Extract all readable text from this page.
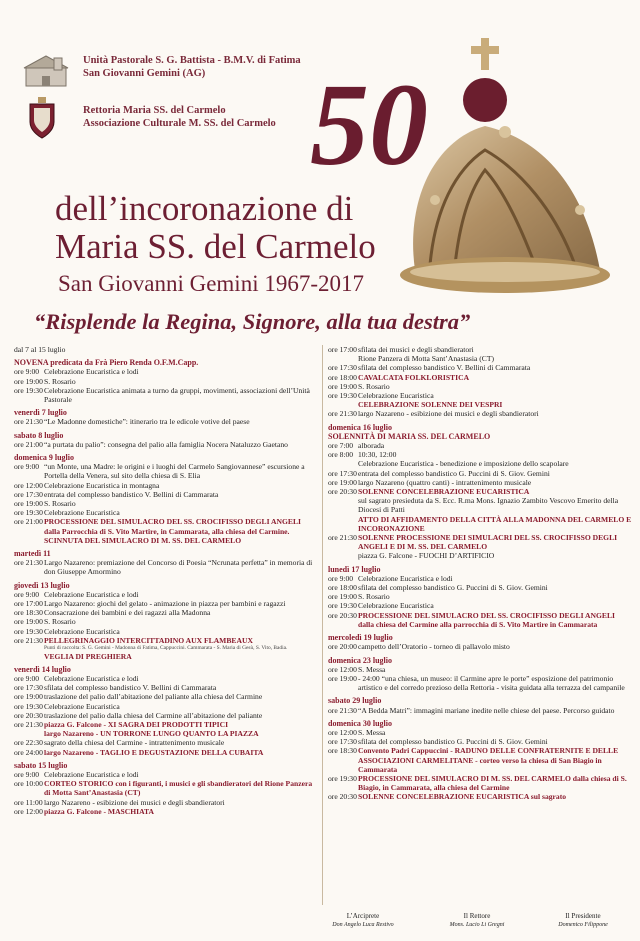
Unità Pastorale S. G. Battista - B.M.V. di Fatima
San Giovanni Gemini (AG)
Rettoria Maria SS. del Carmelo
Associazione Culturale M. SS. del Carmelo 50
dell’incoronazione di
Maria SS. del Carmelo
San Giovanni Gemini 1967-2017
“Risplende la Regina, Signore, alla tua destra”
dal 7 al 15 luglio
NOVENA predicata da Frà Piero Renda O.F.M.Capp.
ore 9:00 Celebrazione Eucaristica e lodi
ore 19:00 S. Rosario
ore 19:30 Celebrazione Eucaristica animata a turno da gruppi, movimenti, associazioni dell’Unità Pastorale
venerdì 7 luglio
ore 21:30 “Le Madonne domestiche”: itinerario tra le edicole votive del paese
sabato 8 luglio
ore 21:00 “a purtata du palio”: consegna del palio alla famiglia Nocera Nataluzzo Gaetano
domenica 9 luglio
ore 9:00 “un Monte, una Madre: le origini e i luoghi del Carmelo Sangiovannese” escursione a Portella della Venera, sul sito della chiesa di S. Elia
ore 12:00 Celebrazione Eucaristica in montagna
ore 17:30 entrata del complesso bandistico V. Bellini di Cammarata
ore 19:00 S. Rosario
ore 19:30 Celebrazione Eucaristica
ore 21:00 PROCESSIONE DEL SIMULACRO DEL SS. CROCIFISSO DEGLI ANGELI dalla Parrocchia di S. Vito Martire, in Cammarata, alla chiesa del Carmine.
SCINNUTA DEL SIMULACRO DI M. SS. DEL CARMELO
martedì 11
ore 21:30 Largo Nazareno: premiazione del Concorso di Poesia “Ncrunata perfetta” in memoria di don Giuseppe Amormino
giovedì 13 luglio
ore 9:00 Celebrazione Eucaristica e lodi
ore 17:00 Largo Nazareno: giochi del gelato - animazione in piazza per bambini e ragazzi
ore 18:30 Consacrazione dei bambini e dei ragazzi alla Madonna
ore 19:00 S. Rosario
ore 19:30 Celebrazione Eucaristica
ore 21:30 PELLEGRINAGGIO INTERCITTADINO AUX FLAMBEAUX
Punti di raccolta: S. G. Gemini - Madonna di Fatima, Cappuccini. Cammarata - S. Maria di Gesù, S. Vito, Badia.
VEGLIA DI PREGHIERA
venerdì 14 luglio
ore 9:00 Celebrazione Eucaristica e lodi
ore 17:30 sfilata del complesso bandistico V. Bellini di Cammarata
ore 19:00 traslazione del palio dall’abitazione del paliante alla chiesa del Carmine
ore 19:30 Celebrazione Eucaristica
ore 20:30 traslazione del palio dalla chiesa del Carmine all’abitazione del paliante
ore 21:30 piazza G. Falcone - XI SAGRA DEI PRODOTTI TIPICI
largo Nazareno - UN TORRONE LUNGO QUANTO LA PIAZZA
ore 22:30 sagrato della chiesa del Carmine - intrattenimento musicale
ore 24:00 largo Nazareno - TAGLIO E DEGUSTAZIONE DELLA CUBAITA
sabato 15 luglio
ore 9:00 Celebrazione Eucaristica e lodi
ore 10:00 CORTEO STORICO con i figuranti, i musici e gli sbandieratori del Rione Panzera di Motta Sant’Anastasia (CT)
ore 11:00 largo Nazareno - esibizione dei musici e degli sbandieratori
ore 12:00 piazza G. Falcone - MASCHIATA
ore 17:00 sfilata dei musici e degli sbandieratori
Rione Panzera di Motta Sant’Anastasia (CT)
ore 17:30 sfilata del complesso bandistico V. Bellini di Cammarata
ore 18:00 CAVALCATA FOLKLORISTICA
ore 19:00 S. Rosario
ore 19:30 Celebrazione Eucaristica
CELEBRAZIONE SOLENNE DEI VESPRI
ore 21:30 largo Nazareno - esibizione dei musici e degli sbandieratori
domenica 16 luglio
SOLENNITÀ DI MARIA SS. DEL CARMELO
ore 7:00 alborada
ore 8:00 10:30, 12:00
Celebrazione Eucaristica - benedizione e imposizione dello scapolare
ore 17:30 entrata del complesso bandistico G. Puccini di S. Giov. Gemini
ore 19:00 largo Nazareno (quattro canti) - intrattenimento musicale
ore 20:30 SOLENNE CONCELEBRAZIONE EUCARISTICA
sul sagrato presieduta da S. Ecc. R.ma Mons. Ignazio Zambito Vescovo Emerito della Diocesi di Patti
ATTO DI AFFIDAMENTO DELLA CITTÀ ALLA MADONNA DEL CARMELO E INCORONAZIONE
ore 21:30 SOLENNE PROCESSIONE DEI SIMULACRI DEL SS. CROCIFISSO DEGLI ANGELI E DI M. SS. DEL CARMELO
piazza G. Falcone - FUOCHI D’ARTIFICIO
lunedì 17 luglio
ore 9:00 Celebrazione Eucaristica e lodi
ore 18:00 sfilata del complesso bandistico G. Puccini di S. Giov. Gemini
ore 19:00 S. Rosario
ore 19:30 Celebrazione Eucaristica
ore 20:30 PROCESSIONE DEL SIMULACRO DEL SS. CROCIFISSO DEGLI ANGELI dalla chiesa del Carmine alla parrocchia di S. Vito Martire in Cammarata
mercoledì 19 luglio
ore 20:00 campetto dell’Oratorio - torneo di pallavolo misto
domenica 23 luglio
ore 12:00 S. Messa
ore 19:00 - 24:00 “una chiesa, un museo: il Carmine apre le porte” esposizione del patrimonio artistico e del corredo prezioso della Rettoria - visita guidata alla terrazza del campanile
sabato 29 luglio
ore 21:30 “A Bedda Matri”: immagini mariane inedite nelle chiese del paese. Percorso guidato
domenica 30 luglio
ore 12:00 S. Messa
ore 17:30 sfilata del complesso bandistico G. Puccini di S. Giov. Gemini
ore 18:30 Convento Padri Cappuccini - RADUNO DELLE CONFRATERNITE E DELLE ASSOCIAZIONI CARMELITANE - corteo verso la chiesa di San Biagio in Cammarata
ore 19:30 PROCESSIONE DEL SIMULACRO DI M. SS. DEL CARMELO dalla chiesa di S. Biagio, in Cammarata, alla chiesa del Carmine
ore 20:30 SOLENNE CONCELEBRAZIONE EUCARISTICA sul sagrato
L’Arciprete
Don Angelo Luca Restivo
Il Rettore
Mons. Lucio Li Gregni
Il Presidente
Domenico Filippone
